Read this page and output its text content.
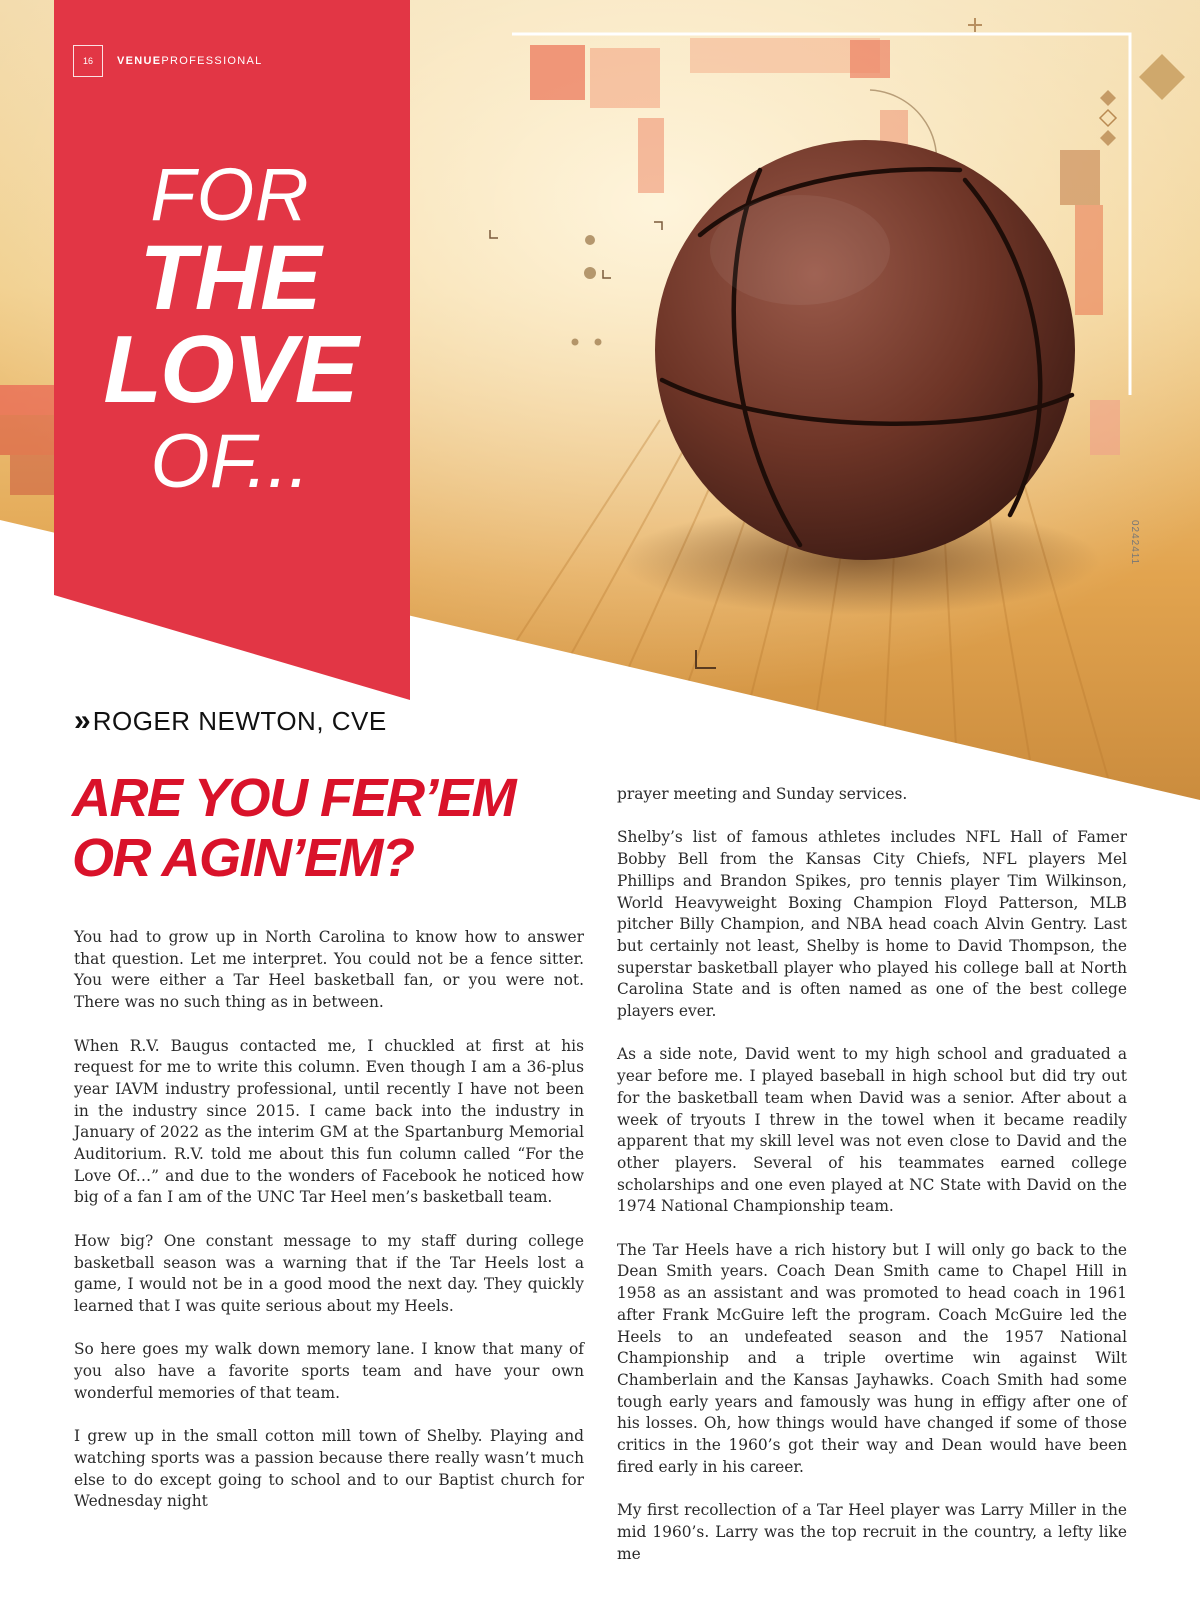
16	VENUEPROFESSIONAL
FOR
THE
LOVE
OF...
0242411
» ROGER NEWTON, CVE
ARE YOU FER’EM
OR AGIN’EM?

You had to grow up in North Carolina to know how to answer that question. Let me interpret. You could not be a fence sitter. You were either a Tar Heel basketball fan, or you were not. There was no such thing as in between.

When R.V. Baugus contacted me, I chuckled at first at his request for me to write this column. Even though I am a 36-plus year IAVM industry professional, until recently I have not been in the industry since 2015. I came back into the industry in January of 2022 as the interim GM at the Spartanburg Memorial Auditorium. R.V. told me about this fun column called “For the Love Of…” and due to the wonders of Facebook he noticed how big of a fan I am of the UNC Tar Heel men’s basketball team.

How big? One constant message to my staff during college basketball season was a warning that if the Tar Heels lost a game, I would not be in a good mood the next day. They quickly learned that I was quite serious about my Heels.

So here goes my walk down memory lane. I know that many of you also have a favorite sports team and have your own wonderful memories of that team.

I grew up in the small cotton mill town of Shelby. Playing and watching sports was a passion because there really wasn’t much else to do except going to school and to our Baptist church for Wednesday night

prayer meeting and Sunday services.

Shelby’s list of famous athletes includes NFL Hall of Famer Bobby Bell from the Kansas City Chiefs, NFL players Mel Phillips and Brandon Spikes, pro tennis player Tim Wilkinson, World Heavyweight Boxing Champion Floyd Patterson, MLB pitcher Billy Champion, and NBA head coach Alvin Gentry. Last but certainly not least, Shelby is home to David Thompson, the superstar basketball player who played his college ball at North Carolina State and is often named as one of the best college players ever.

As a side note, David went to my high school and graduated a year before me. I played baseball in high school but did try out for the basketball team when David was a senior. After about a week of tryouts I threw in the towel when it became readily apparent that my skill level was not even close to David and the other players. Several of his teammates earned college scholarships and one even played at NC State with David on the 1974 National Championship team.

The Tar Heels have a rich history but I will only go back to the Dean Smith years. Coach Dean Smith came to Chapel Hill in 1958 as an assistant and was promoted to head coach in 1961 after Frank McGuire left the program. Coach McGuire led the Heels to an undefeated season and the 1957 National Championship and a triple overtime win against Wilt Chamberlain and the Kansas Jayhawks. Coach Smith had some tough early years and famously was hung in effigy after one of his losses. Oh, how things would have changed if some of those critics in the 1960’s got their way and Dean would have been fired early in his career.

My first recollection of a Tar Heel player was Larry Miller in the mid 1960’s. Larry was the top recruit in the country, a lefty like me
